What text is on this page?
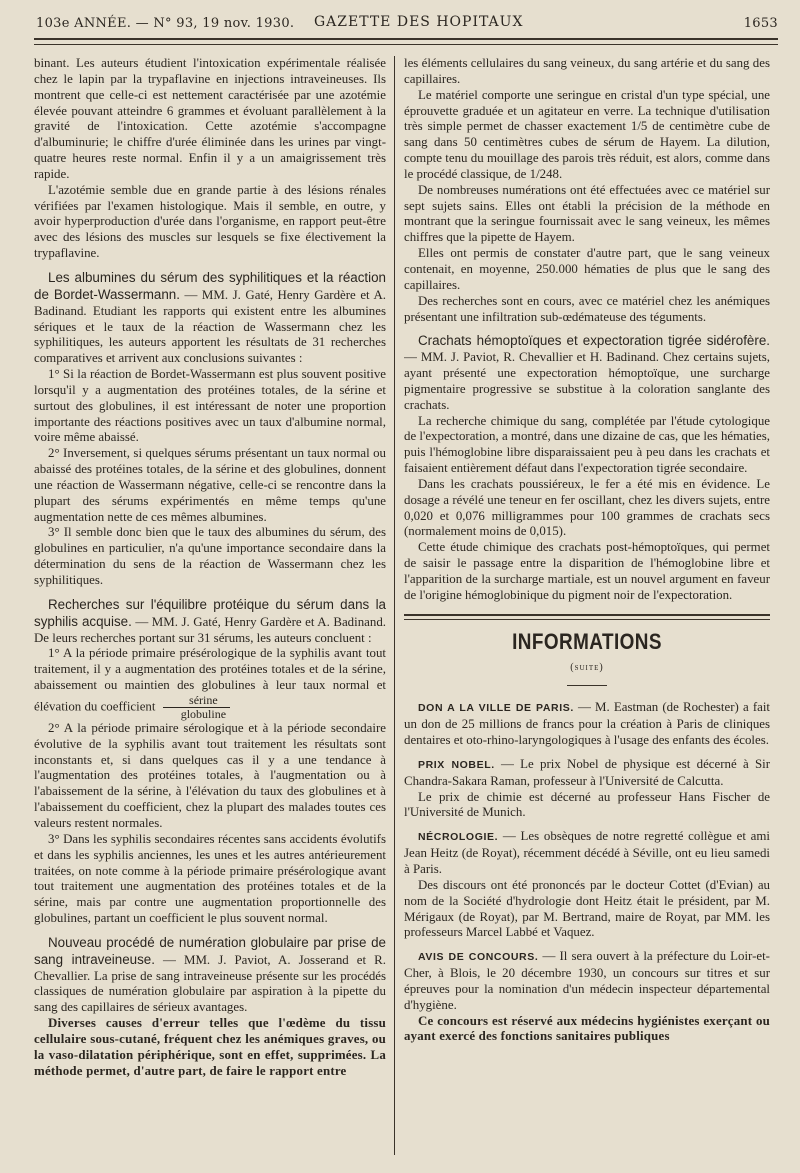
103e ANNÉE. — N° 93, 19 nov. 1930. GAZETTE DES HOPITAUX	1653

binant. Les auteurs étudient l'intoxication expérimentale réalisée chez le lapin par la trypaflavine en injections intraveineuses. Ils montrent que celle-ci est nettement caractérisée par une azotémie élevée pouvant atteindre 6 grammes et évoluant parallèlement à la gravité de l'intoxication. Cette azotémie s'accompagne d'albuminurie; le chiffre d'urée éliminée dans les urines par vingt-quatre heures reste normal. Enfin il y a un amaigrissement très rapide.

L'azotémie semble due en grande partie à des lésions rénales vérifiées par l'examen histologique. Mais il semble, en outre, y avoir hyperproduction d'urée dans l'organisme, en rapport peut-être avec des lésions des muscles sur lesquels se fixe électivement la trypaflavine.

Les albumines du sérum des syphilitiques et la réaction de Bordet-Wassermann. — MM. J. Gaté, Henry Gardère et A. Badinand. Etudiant les rapports qui existent entre les albumines sériques et le taux de la réaction de Wassermann chez les syphilitiques, les auteurs apportent les résultats de 31 recherches comparatives et arrivent aux conclusions suivantes :

1° Si la réaction de Bordet-Wassermann est plus souvent positive lorsqu'il y a augmentation des protéines totales, de la sérine et surtout des globulines, il est intéressant de noter une proportion importante des réactions positives avec un taux d'albumine normal, voire même abaissé.

2° Inversement, si quelques sérums présentant un taux normal ou abaissé des protéines totales, de la sérine et des globulines, donnent une réaction de Wassermann négative, celle-ci se rencontre dans la plupart des sérums expérimentés en même temps qu'une augmentation nette de ces mêmes albumines.

3° Il semble donc bien que le taux des albumines du sérum, des globulines en particulier, n'a qu'une importance secondaire dans la détermination du sens de la réaction de Wassermann chez les syphilitiques.

Recherches sur l'équilibre protéique du sérum dans la syphilis acquise. — MM. J. Gaté, Henry Gardère et A. Badinand. De leurs recherches portant sur 31 sérums, les auteurs concluent :

1° A la période primaire présérologique de la syphilis avant tout traitement, il y a augmentation des protéines totales et de la sérine, abaissement ou maintien des globulines à leur taux normal et élévation du coefficient $\frac{\text{sérine}}{\text{globuline}}$

2° A la période primaire sérologique et à la période secondaire évolutive de la syphilis avant tout traitement les résultats sont inconstants et, si dans quelques cas il y a une tendance à l'augmentation des protéines totales, à l'augmentation ou à l'abaissement de la sérine, à l'élévation du taux des globulines et à l'abaissement du coefficient, chez la plupart des malades toutes ces valeurs restent normales.

3° Dans les syphilis secondaires récentes sans accidents évolutifs et dans les syphilis anciennes, les unes et les autres antérieurement traitées, on note comme à la période primaire présérologique avant tout traitement une augmentation des protéines totales et de la sérine, mais par contre une augmentation proportionnelle des globulines, partant un coefficient le plus souvent normal.

Nouveau procédé de numération globulaire par prise de sang intraveineuse. — MM. J. Paviot, A. Josserand et R. Chevallier. La prise de sang intraveineuse présente sur les procédés classiques de numération globulaire par aspiration à la pipette du sang des capillaires de sérieux avantages.

Diverses causes d'erreur telles que l'œdème du tissu cellulaire sous-cutané, fréquent chez les anémiques graves, ou la vaso-dilatation périphérique, sont en effet, supprimées. La méthode permet, d'autre part, de faire le rapport entre

les éléments cellulaires du sang veineux, du sang artérie et du sang des capillaires.

Le matériel comporte une seringue en cristal d'un type spécial, une éprouvette graduée et un agitateur en verre. La technique d'utilisation très simple permet de chasser exactement 1/5 de centimètre cube de sang dans 50 centimètres cubes de sérum de Hayem. La dilution, compte tenu du mouillage des parois très réduit, est alors, comme dans le procédé classique, de 1/248.

De nombreuses numérations ont été effectuées avec ce matériel sur sept sujets sains. Elles ont établi la précision de la méthode en montrant que la seringue fournissait avec le sang veineux, les mêmes chiffres que la pipette de Hayem.

Elles ont permis de constater d'autre part, que le sang veineux contenait, en moyenne, 250.000 hématies de plus que le sang des capillaires.

Des recherches sont en cours, avec ce matériel chez les anémiques présentant une infiltration sub-œdémateuse des téguments.

Crachats hémoptoïques et expectoration tigrée sidérofère. — MM. J. Paviot, R. Chevallier et H. Badinand. Chez certains sujets, ayant présenté une expectoration hémoptoïque, une surcharge pigmentaire progressive se substitue à la coloration sanglante des crachats.

La recherche chimique du sang, complétée par l'étude cytologique de l'expectoration, a montré, dans une dizaine de cas, que les hématies, puis l'hémoglobine libre disparaissaient peu à peu dans les crachats et faisaient entièrement défaut dans l'expectoration tigrée secondaire.

Dans les crachats poussiéreux, le fer a été mis en évidence. Le dosage a révélé une teneur en fer oscillant, chez les divers sujets, entre 0,020 et 0,076 milligrammes pour 100 grammes de crachats secs (normalement moins de 0,015).

Cette étude chimique des crachats post-hémoptoïques, qui permet de saisir le passage entre la disparition de l'hémoglobine libre et l'apparition de la surcharge martiale, est un nouvel argument en faveur de l'origine hémoglobinique du pigment noir de l'expectoration.

INFORMATIONS
(suite)

DON A LA VILLE DE PARIS. — M. Eastman (de Rochester) a fait un don de 25 millions de francs pour la création à Paris de cliniques dentaires et oto-rhino-laryngologiques à l'usage des enfants des écoles.

PRIX NOBEL. — Le prix Nobel de physique est décerné à Sir Chandra-Sakara Raman, professeur à l'Université de Calcutta.

Le prix de chimie est décerné au professeur Hans Fischer de l'Université de Munich.

NÉCROLOGIE. — Les obsèques de notre regretté collègue et ami Jean Heitz (de Royat), récemment décédé à Séville, ont eu lieu samedi à Paris.

Des discours ont été prononcés par le docteur Cottet (d'Evian) au nom de la Société d'hydrologie dont Heitz était le président, par M. Mérigaux (de Royat), par M. Bertrand, maire de Royat, par MM. les professeurs Marcel Labbé et Vaquez.

AVIS DE CONCOURS. — Il sera ouvert à la préfecture du Loir-et-Cher, à Blois, le 20 décembre 1930, un concours sur titres et sur épreuves pour la nomination d'un médecin inspecteur départemental d'hygiène.

Ce concours est réservé aux médecins hygiénistes exerçant ou ayant exercé des fonctions sanitaires publiques
